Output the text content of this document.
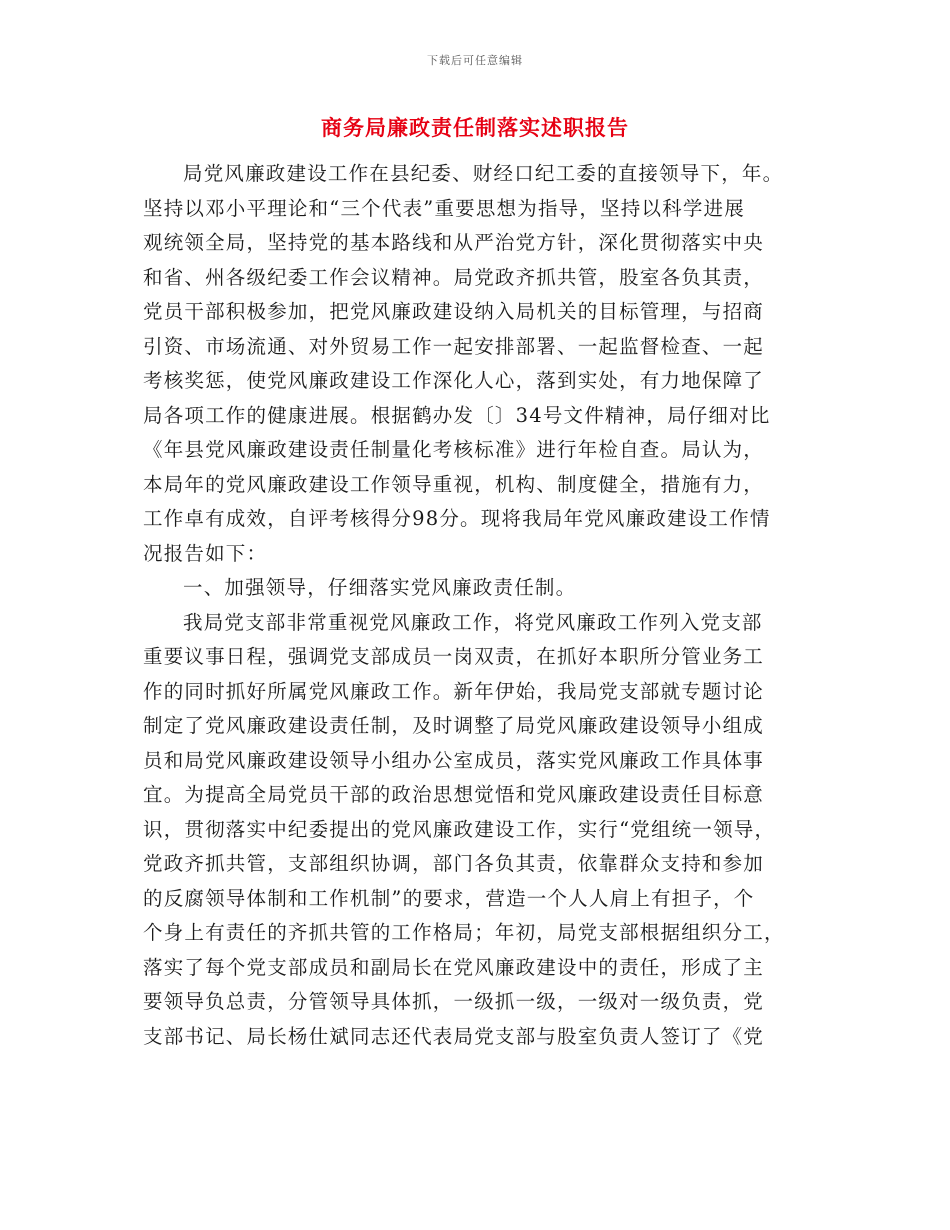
下载后可任意编辑
商务局廉政责任制落实述职报告
局党风廉政建设工作在县纪委、财经口纪工委的直接领导下，年。
坚持以邓小平理论和“三个代表”重要思想为指导，坚持以科学进展
观统领全局，坚持党的基本路线和从严治党方针，深化贯彻落实中央
和省、州各级纪委工作会议精神。局党政齐抓共管，股室各负其责，
党员干部积极参加，把党风廉政建设纳入局机关的目标管理，与招商
引资、市场流通、对外贸易工作一起安排部署、一起监督检查、一起
考核奖惩，使党风廉政建设工作深化人心，落到实处，有力地保障了
局各项工作的健康进展。根据鹤办发〔〕34号文件精神，局仔细对比
《年县党风廉政建设责任制量化考核标准》进行年检自查。局认为，
本局年的党风廉政建设工作领导重视，机构、制度健全，措施有力，
工作卓有成效，自评考核得分98分。现将我局年党风廉政建设工作情
况报告如下：
一、加强领导，仔细落实党风廉政责任制。
我局党支部非常重视党风廉政工作，将党风廉政工作列入党支部
重要议事日程，强调党支部成员一岗双责，在抓好本职所分管业务工
作的同时抓好所属党风廉政工作。新年伊始，我局党支部就专题讨论
制定了党风廉政建设责任制，及时调整了局党风廉政建设领导小组成
员和局党风廉政建设领导小组办公室成员，落实党风廉政工作具体事
宜。为提高全局党员干部的政治思想觉悟和党风廉政建设责任目标意
识，贯彻落实中纪委提出的党风廉政建设工作，实行“党组统一领导，
党政齐抓共管，支部组织协调，部门各负其责，依靠群众支持和参加
的反腐领导体制和工作机制”的要求，营造一个人人肩上有担子，个
个身上有责任的齐抓共管的工作格局；年初，局党支部根据组织分工，
落实了每个党支部成员和副局长在党风廉政建设中的责任，形成了主
要领导负总责，分管领导具体抓，一级抓一级，一级对一级负责，党
支部书记、局长杨仕斌同志还代表局党支部与股室负责人签订了《党
